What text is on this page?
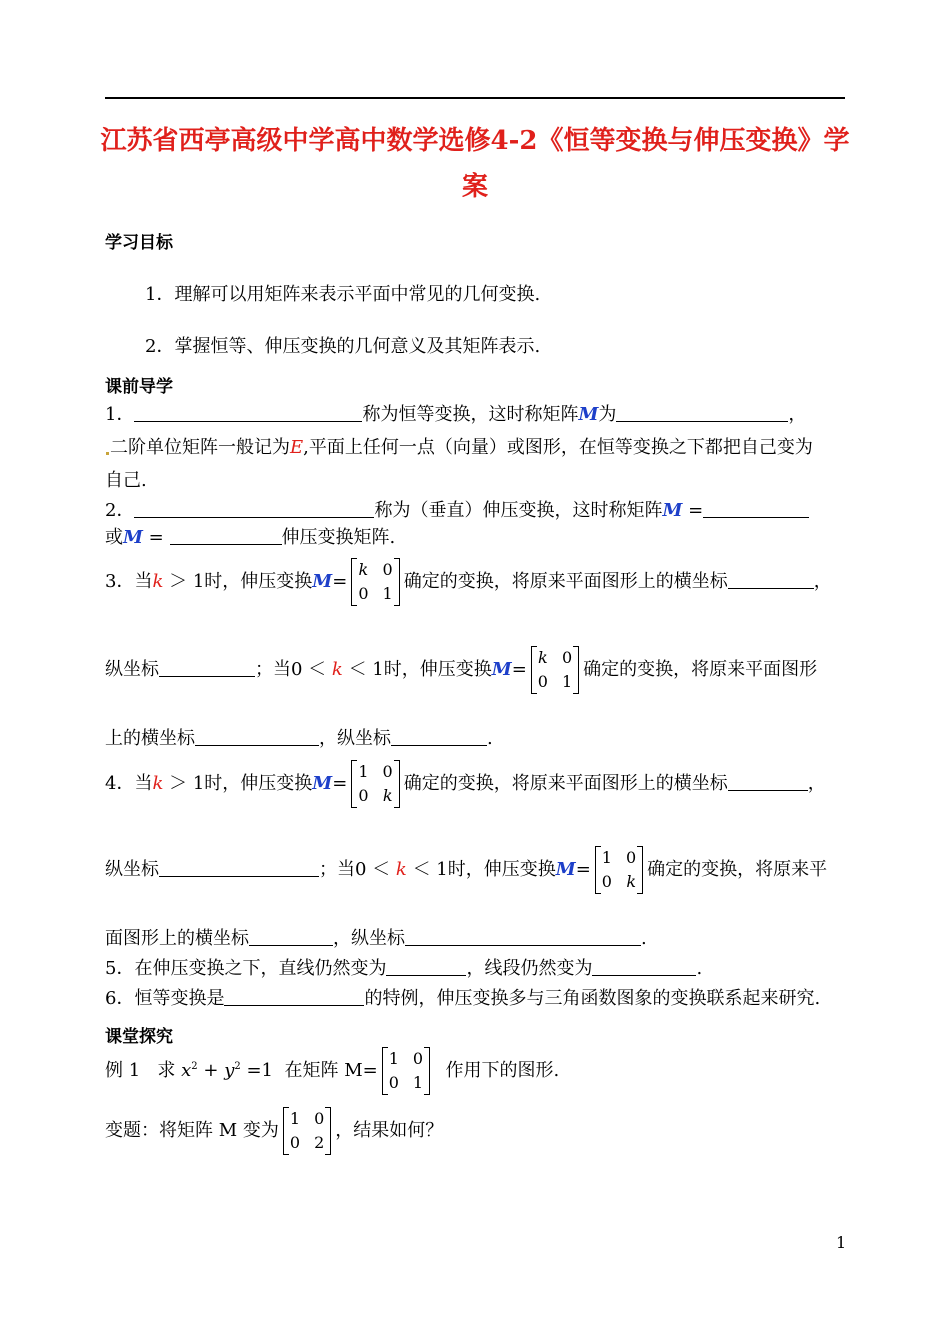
江苏省西亭高级中学高中数学选修4-2《恒等变换与伸压变换》学案
学习目标
1．理解可以用矩阵来表示平面中常见的几何变换.
2．掌握恒等、伸压变换的几何意义及其矩阵表示.
课前导学
1．	称为恒等变换，这时称矩阵M为	，
二阶单位矩阵一般记为E,平面上任何一点（向量）或图形，在恒等变换之下都把自己变为
自己.
2．	称为（垂直）伸压变换，这时称矩阵M =
或M =	伸压变换矩阵.
3．当k ＞ 1时，伸压变换M=
k 0
0 1
确定的变换，将原来平面图形上的横坐标	，
纵坐标	；当0 ＜ k ＜ 1时，伸压变换M=
k 0
0 1
确定的变换，将原来平面图形
上的横坐标	，纵坐标	.
4．当k ＞ 1时，伸压变换M=
1 0
0 k
确定的变换，将原来平面图形上的横坐标	，
纵坐标	；当0 ＜ k ＜ 1时，伸压变换M=
1 0
0 k
确定的变换，将原来平
面图形上的横坐标	，纵坐标	.
5．在伸压变换之下，直线仍然变为	，线段仍然变为	.
6．恒等变换是	的特例，伸压变换多与三角函数图象的变换联系起来研究.
课堂探究
例 1 求 $x^2 + y^2 =1$ 在矩阵 M=
1 0
0 1
作用下的图形.
变题：将矩阵 M 变为
1 0
0 2
，结果如何？
1
